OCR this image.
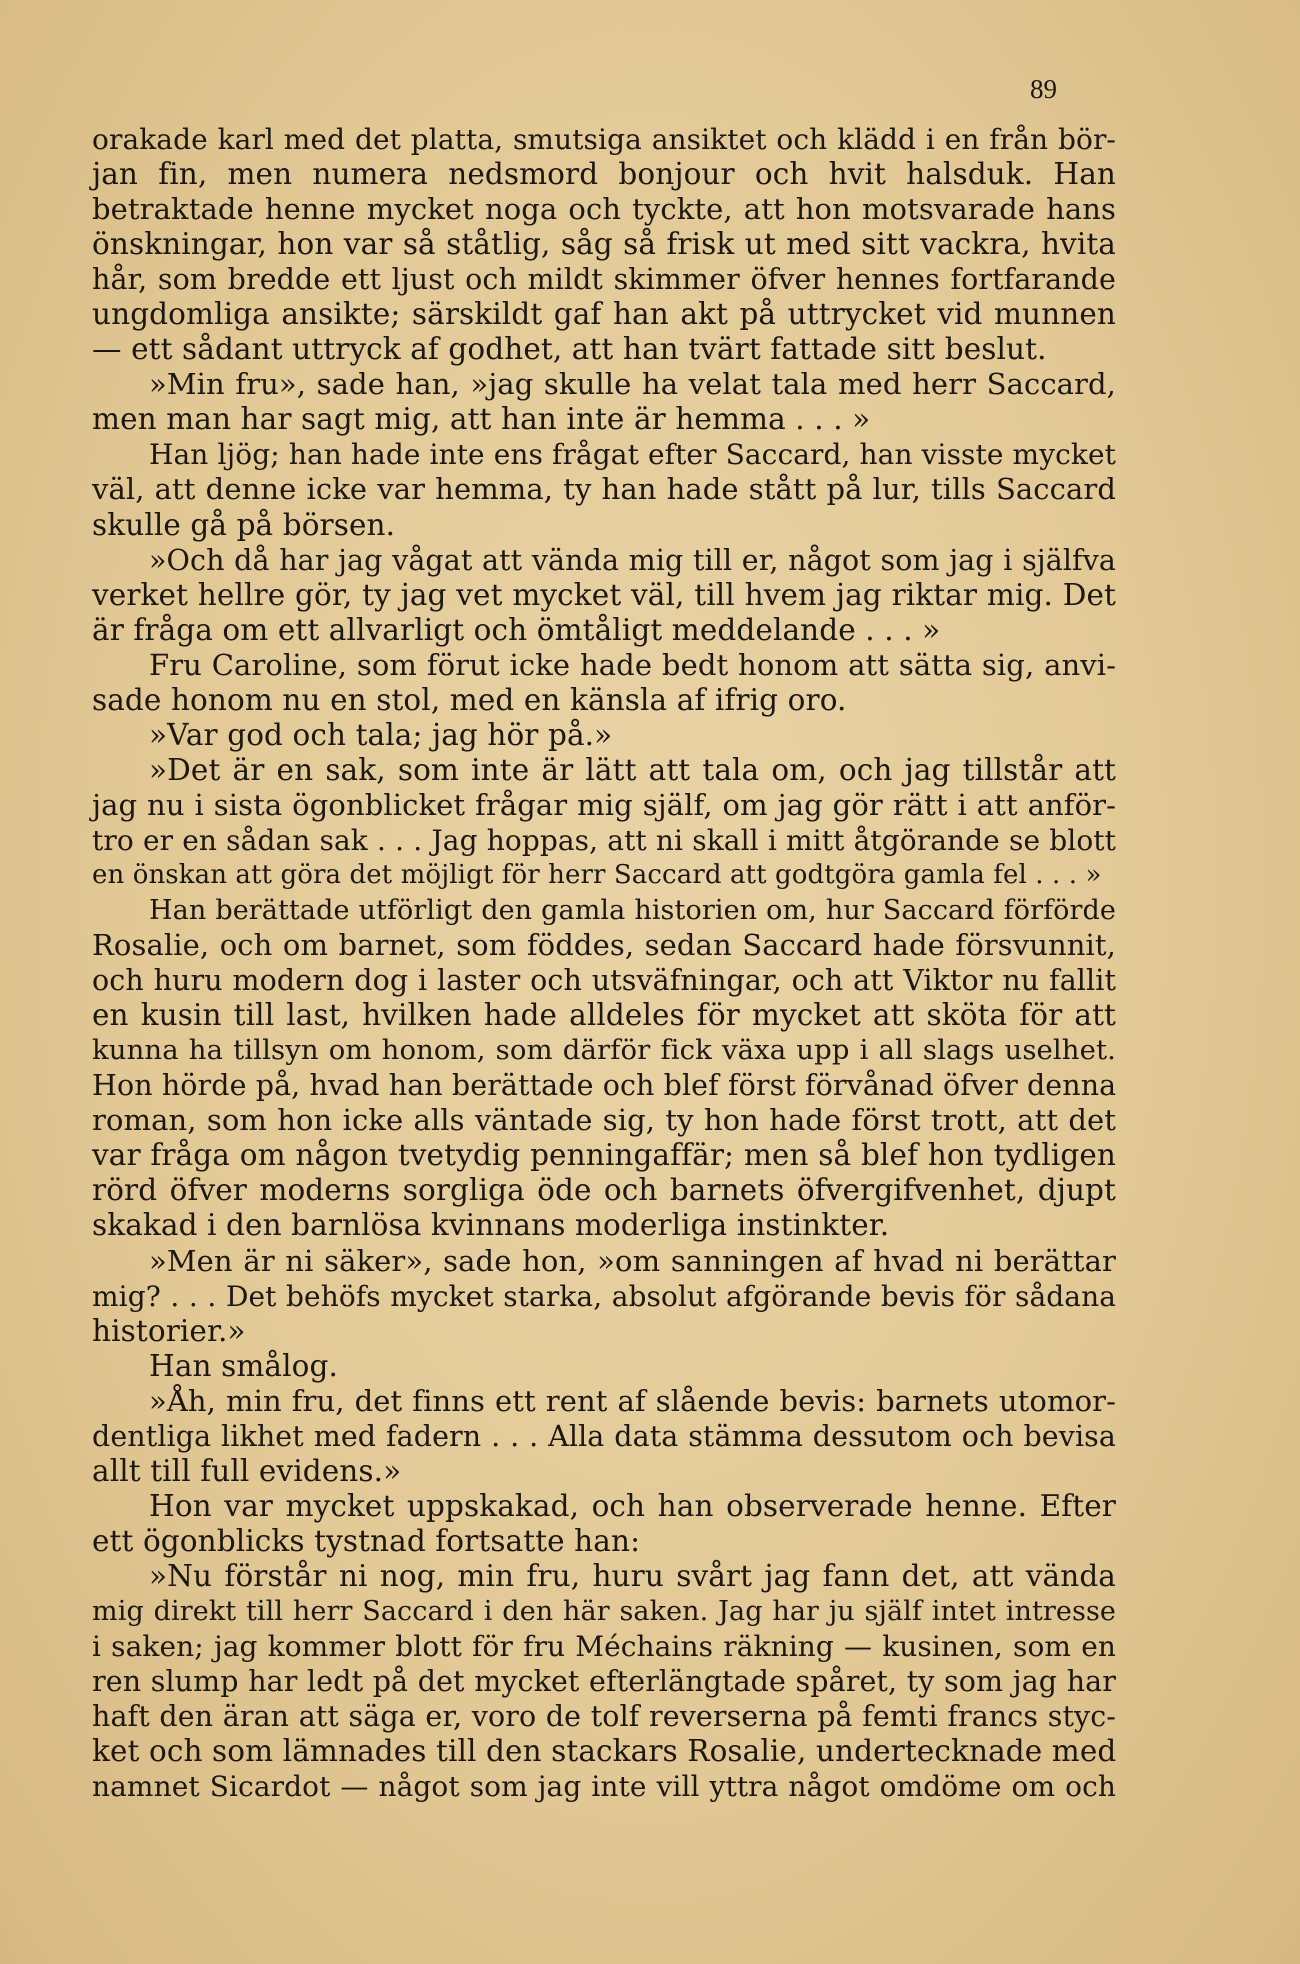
89
orakade karl med det platta, smutsiga ansiktet och klädd i en från bör-
jan fin, men numera nedsmord bonjour och hvit halsduk. Han
betraktade henne mycket noga och tyckte, att hon motsvarade hans
önskningar, hon var så ståtlig, såg så frisk ut med sitt vackra, hvita
hår, som bredde ett ljust och mildt skimmer öfver hennes fortfarande
ungdomliga ansikte; särskildt gaf han akt på uttrycket vid munnen
— ett sådant uttryck af godhet, att han tvärt fattade sitt beslut.
»Min fru», sade han, »jag skulle ha velat tala med herr Saccard,
men man har sagt mig, att han inte är hemma . . . »
Han ljög; han hade inte ens frågat efter Saccard, han visste mycket
väl, att denne icke var hemma, ty han hade stått på lur, tills Saccard
skulle gå på börsen.
»Och då har jag vågat att vända mig till er, något som jag i själfva
verket hellre gör, ty jag vet mycket väl, till hvem jag riktar mig. Det
är fråga om ett allvarligt och ömtåligt meddelande . . . »
Fru Caroline, som förut icke hade bedt honom att sätta sig, anvi-
sade honom nu en stol, med en känsla af ifrig oro.
»Var god och tala; jag hör på.»
»Det är en sak, som inte är lätt att tala om, och jag tillstår att
jag nu i sista ögonblicket frågar mig själf, om jag gör rätt i att anför-
tro er en sådan sak . . . Jag hoppas, att ni skall i mitt åtgörande se blott
en önskan att göra det möjligt för herr Saccard att godtgöra gamla fel . . . »
Han berättade utförligt den gamla historien om, hur Saccard förförde
Rosalie, och om barnet, som föddes, sedan Saccard hade försvunnit,
och huru modern dog i laster och utsväfningar, och att Viktor nu fallit
en kusin till last, hvilken hade alldeles för mycket att sköta för att
kunna ha tillsyn om honom, som därför fick växa upp i all slags uselhet.
Hon hörde på, hvad han berättade och blef först förvånad öfver denna
roman, som hon icke alls väntade sig, ty hon hade först trott, att det
var fråga om någon tvetydig penningaffär; men så blef hon tydligen
rörd öfver moderns sorgliga öde och barnets öfvergifvenhet, djupt
skakad i den barnlösa kvinnans moderliga instinkter.
»Men är ni säker», sade hon, »om sanningen af hvad ni berättar
mig? . . . Det behöfs mycket starka, absolut afgörande bevis för sådana
historier.»
Han smålog.
»Åh, min fru, det finns ett rent af slående bevis: barnets utomor-
dentliga likhet med fadern . . . Alla data stämma dessutom och bevisa
allt till full evidens.»
Hon var mycket uppskakad, och han observerade henne. Efter
ett ögonblicks tystnad fortsatte han:
»Nu förstår ni nog, min fru, huru svårt jag fann det, att vända
mig direkt till herr Saccard i den här saken. Jag har ju själf intet intresse
i saken; jag kommer blott för fru Méchains räkning — kusinen, som en
ren slump har ledt på det mycket efterlängtade spåret, ty som jag har
haft den äran att säga er, voro de tolf reverserna på femti francs styc-
ket och som lämnades till den stackars Rosalie, undertecknade med
namnet Sicardot — något som jag inte vill yttra något omdöme om och
